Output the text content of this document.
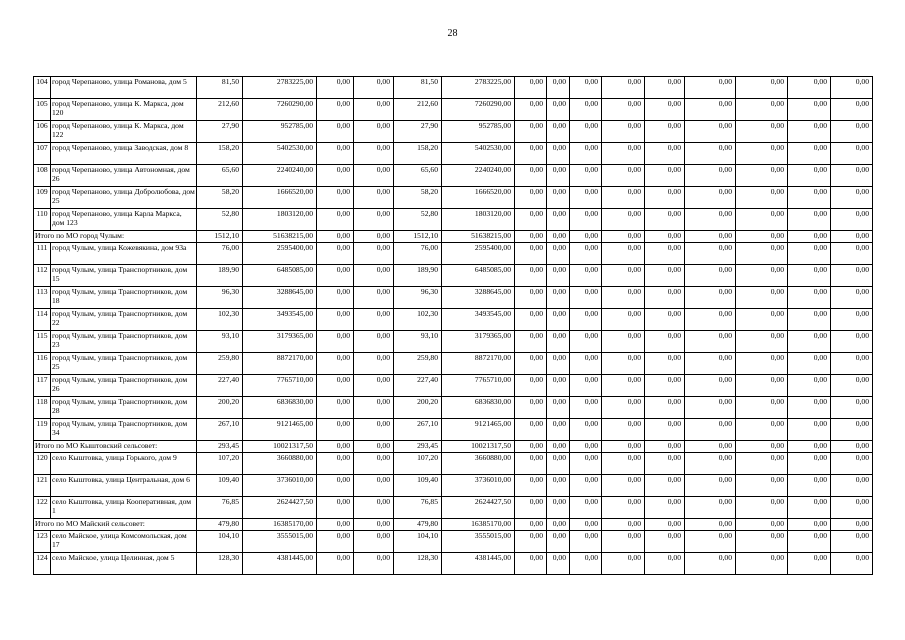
28
104	город Черепаново, улица Романова, дом 5	81,50	2783225,00	0,00	0,00	81,50	2783225,00	0,00	0,00	0,00	0,00	0,00	0,00	0,00	0,00	0,00
105	город Черепаново, улица К. Маркса, дом 120	212,60	7260290,00	0,00	0,00	212,60	7260290,00	0,00	0,00	0,00	0,00	0,00	0,00	0,00	0,00	0,00
106	город Черепаново, улица К. Маркса, дом 122	27,90	952785,00	0,00	0,00	27,90	952785,00	0,00	0,00	0,00	0,00	0,00	0,00	0,00	0,00	0,00
107	город Черепаново, улица Заводская, дом 8	158,20	5402530,00	0,00	0,00	158,20	5402530,00	0,00	0,00	0,00	0,00	0,00	0,00	0,00	0,00	0,00
108	город Черепаново, улица Автономная, дом 26	65,60	2240240,00	0,00	0,00	65,60	2240240,00	0,00	0,00	0,00	0,00	0,00	0,00	0,00	0,00	0,00
109	город Черепаново, улица Добролюбова, дом 25	58,20	1666520,00	0,00	0,00	58,20	1666520,00	0,00	0,00	0,00	0,00	0,00	0,00	0,00	0,00	0,00
110	город Черепаново, улица Карла Маркса, дом 123	52,80	1803120,00	0,00	0,00	52,80	1803120,00	0,00	0,00	0,00	0,00	0,00	0,00	0,00	0,00	0,00
Итого по МО город Чулым:		1512,10	51638215,00	0,00	0,00	1512,10	51638215,00	0,00	0,00	0,00	0,00	0,00	0,00	0,00	0,00	0,00
111	город Чулым, улица Кожевякина, дом 93а	76,00	2595400,00	0,00	0,00	76,00	2595400,00	0,00	0,00	0,00	0,00	0,00	0,00	0,00	0,00	0,00
112	город Чулым, улица Транспортников, дом 15	189,90	6485085,00	0,00	0,00	189,90	6485085,00	0,00	0,00	0,00	0,00	0,00	0,00	0,00	0,00	0,00
113	город Чулым, улица Транспортников, дом 18	96,30	3288645,00	0,00	0,00	96,30	3288645,00	0,00	0,00	0,00	0,00	0,00	0,00	0,00	0,00	0,00
114	город Чулым, улица Транспортников, дом 22	102,30	3493545,00	0,00	0,00	102,30	3493545,00	0,00	0,00	0,00	0,00	0,00	0,00	0,00	0,00	0,00
115	город Чулым, улица Транспортников, дом 23	93,10	3179365,00	0,00	0,00	93,10	3179365,00	0,00	0,00	0,00	0,00	0,00	0,00	0,00	0,00	0,00
116	город Чулым, улица Транспортников, дом 25	259,80	8872170,00	0,00	0,00	259,80	8872170,00	0,00	0,00	0,00	0,00	0,00	0,00	0,00	0,00	0,00
117	город Чулым, улица Транспортников, дом 26	227,40	7765710,00	0,00	0,00	227,40	7765710,00	0,00	0,00	0,00	0,00	0,00	0,00	0,00	0,00	0,00
118	город Чулым, улица Транспортников, дом 28	200,20	6836830,00	0,00	0,00	200,20	6836830,00	0,00	0,00	0,00	0,00	0,00	0,00	0,00	0,00	0,00
119	город Чулым, улица Транспортников, дом 34	267,10	9121465,00	0,00	0,00	267,10	9121465,00	0,00	0,00	0,00	0,00	0,00	0,00	0,00	0,00	0,00
Итого по МО Кыштовский сельсовет:		293,45	10021317,50	0,00	0,00	293,45	10021317,50	0,00	0,00	0,00	0,00	0,00	0,00	0,00	0,00	0,00
120	село Кыштовка, улица Горького, дом 9	107,20	3660880,00	0,00	0,00	107,20	3660880,00	0,00	0,00	0,00	0,00	0,00	0,00	0,00	0,00	0,00
121	село Кыштовка, улица Центральная, дом 6	109,40	3736010,00	0,00	0,00	109,40	3736010,00	0,00	0,00	0,00	0,00	0,00	0,00	0,00	0,00	0,00
122	село Кыштовка, улица Кооперативная, дом 1	76,85	2624427,50	0,00	0,00	76,85	2624427,50	0,00	0,00	0,00	0,00	0,00	0,00	0,00	0,00	0,00
Итого по МО Майский сельсовет:		479,80	16385170,00	0,00	0,00	479,80	16385170,00	0,00	0,00	0,00	0,00	0,00	0,00	0,00	0,00	0,00
123	село Майское, улица Комсомольская, дом 17	104,10	3555015,00	0,00	0,00	104,10	3555015,00	0,00	0,00	0,00	0,00	0,00	0,00	0,00	0,00	0,00
124	село Майское, улица Целинная, дом 5	128,30	4381445,00	0,00	0,00	128,30	4381445,00	0,00	0,00	0,00	0,00	0,00	0,00	0,00	0,00	0,00
